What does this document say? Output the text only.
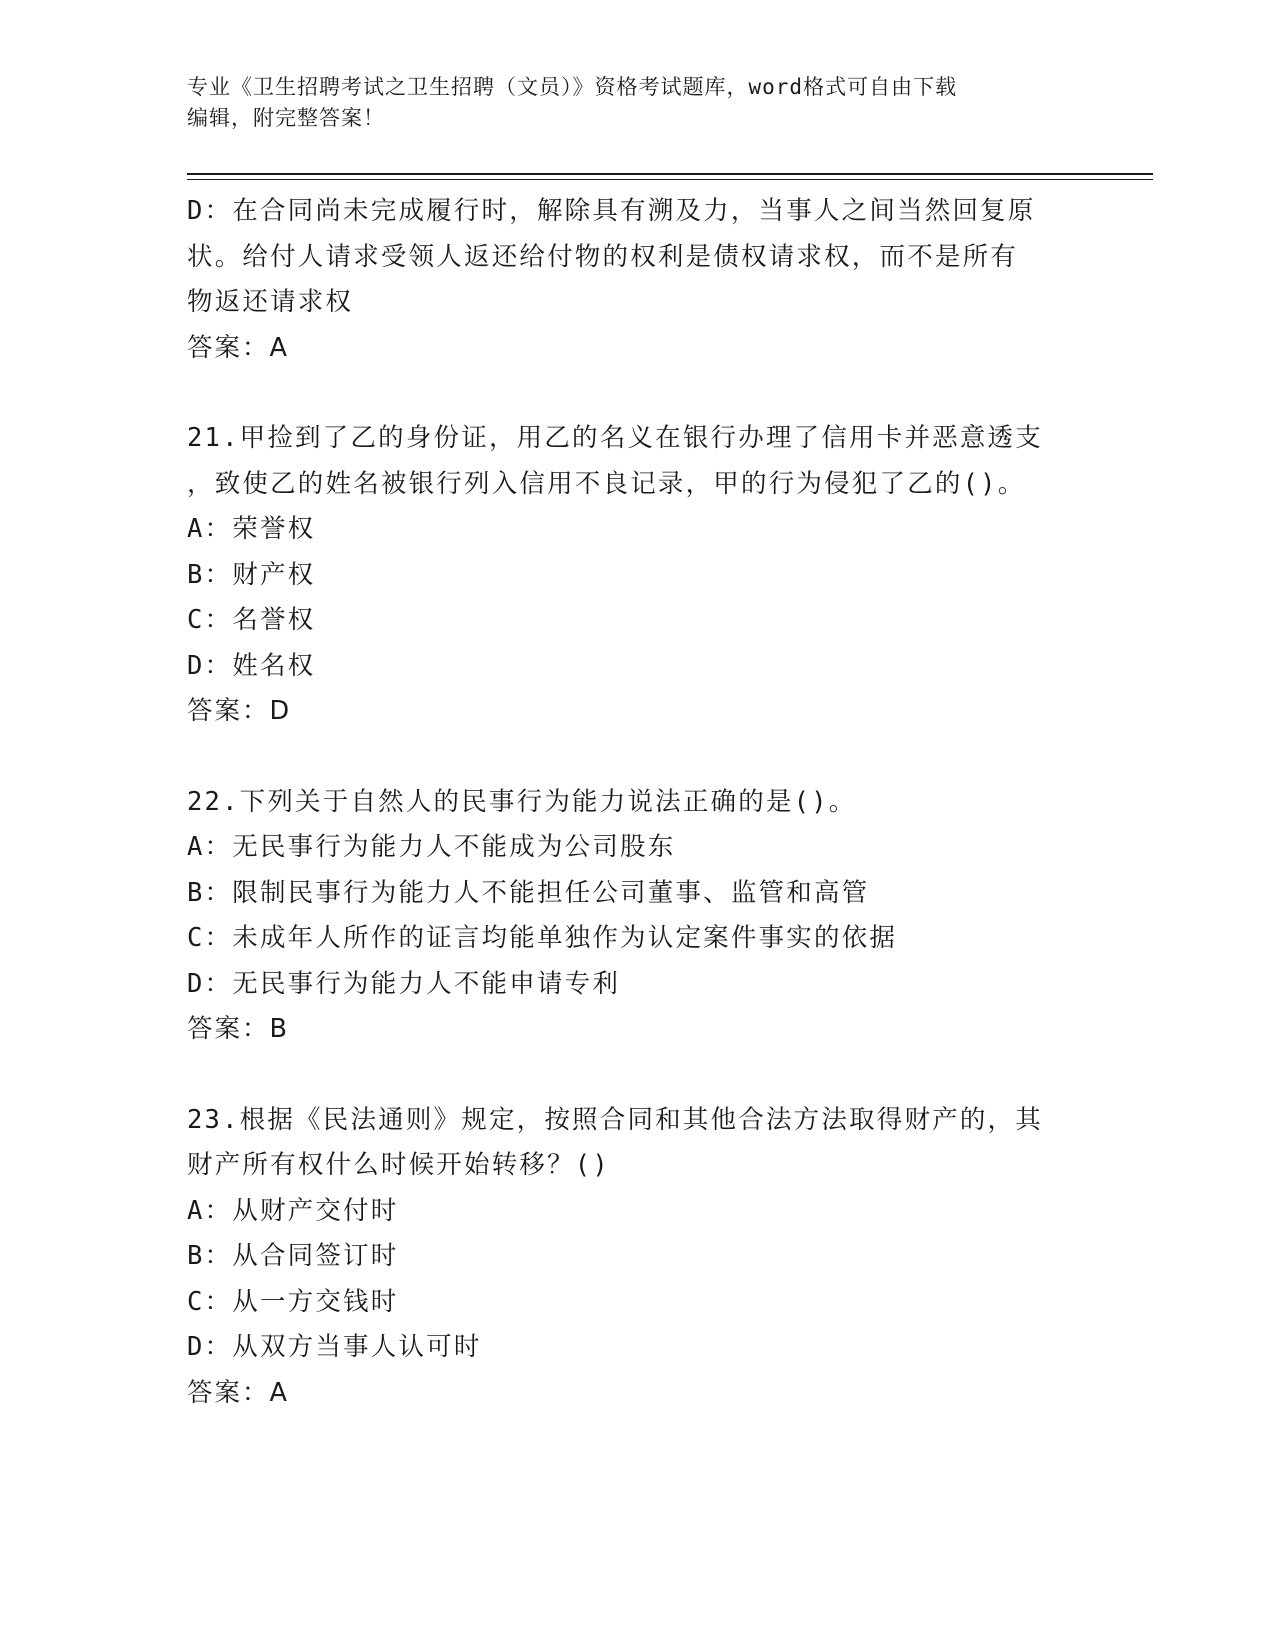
专业《卫生招聘考试之卫生招聘（文员）》资格考试题库，word格式可自由下载
编辑，附完整答案！
D：在合同尚未完成履行时，解除具有溯及力，当事人之间当然回复原
状。给付人请求受领人返还给付物的权利是债权请求权，而不是所有
物返还请求权
答案：A
21.甲捡到了乙的身份证，用乙的名义在银行办理了信用卡并恶意透支
，致使乙的姓名被银行列入信用不良记录，甲的行为侵犯了乙的()。
A：荣誉权
B：财产权
C：名誉权
D：姓名权
答案：D
22.下列关于自然人的民事行为能力说法正确的是()。
A：无民事行为能力人不能成为公司股东
B：限制民事行为能力人不能担任公司董事、监管和高管
C：未成年人所作的证言均能单独作为认定案件事实的依据
D：无民事行为能力人不能申请专利
答案：B
23.根据《民法通则》规定，按照合同和其他合法方法取得财产的，其
财产所有权什么时候开始转移？()
A：从财产交付时
B：从合同签订时
C：从一方交钱时
D：从双方当事人认可时
答案：A
